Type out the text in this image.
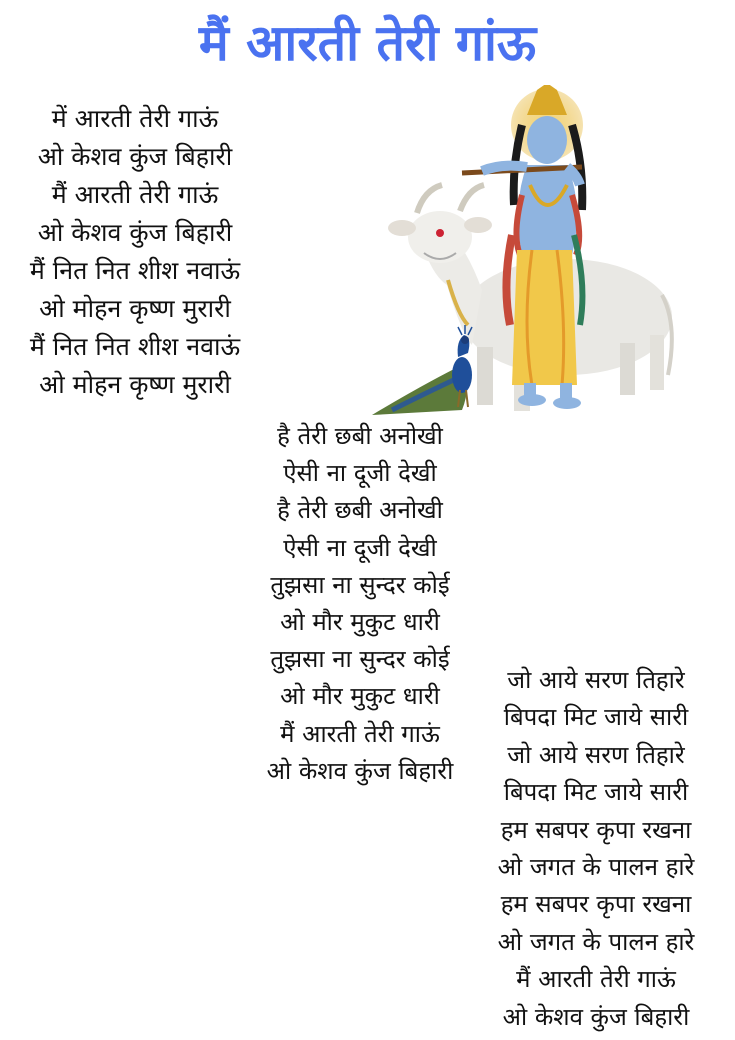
मैं आरती तेरी गांऊ
में आरती तेरी गाऊं
ओ केशव कुंज बिहारी
मैं आरती तेरी गाऊं
ओ केशव कुंज बिहारी
मैं नित नित शीश नवाऊं
ओ मोहन कृष्ण मुरारी
मैं नित नित शीश नवाऊं
ओ मोहन कृष्ण मुरारी
है तेरी छबी अनोखी
ऐसी ना दूजी देखी
है तेरी छबी अनोखी
ऐसी ना दूजी देखी
तुझसा ना सुन्दर कोई
ओ मौर मुकुट धारी
तुझसा ना सुन्दर कोई
ओ मौर मुकुट धारी
मैं आरती तेरी गाऊं
ओ केशव कुंज बिहारी
जो आये सरण तिहारे
बिपदा मिट जाये सारी
जो आये सरण तिहारे
बिपदा मिट जाये सारी
हम सबपर कृपा रखना
ओ जगत के पालन हारे
हम सबपर कृपा रखना
ओ जगत के पालन हारे
मैं आरती तेरी गाऊं
ओ केशव कुंज बिहारी
